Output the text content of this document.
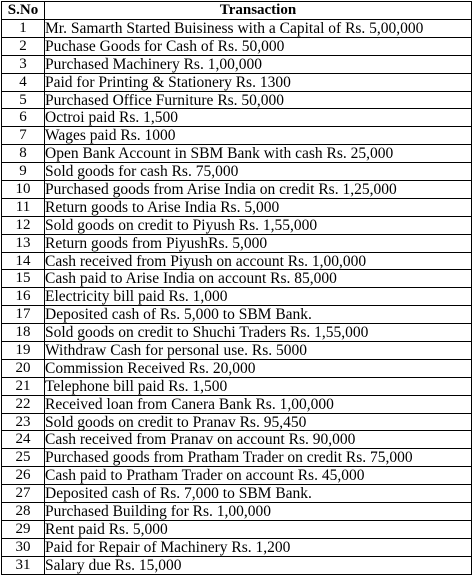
S.No	Transaction
1	Mr. Samarth Started Buisiness with a Capital of Rs. 5,00,000
2	Puchase Goods for Cash of Rs. 50,000
3	Purchased Machinery Rs. 1,00,000
4	Paid for Printing & Stationery Rs. 1300
5	Purchased Office Furniture Rs. 50,000
6	Octroi paid Rs. 1,500
7	Wages paid Rs. 1000
8	Open Bank Account in SBM Bank with cash Rs. 25,000
9	Sold goods for cash Rs. 75,000
10	Purchased goods from Arise India on credit Rs. 1,25,000
11	Return goods to Arise India Rs. 5,000
12	Sold goods on credit to Piyush Rs. 1,55,000
13	Return goods from PiyushRs. 5,000
14	Cash received from Piyush on account Rs. 1,00,000
15	Cash paid to Arise India on account Rs. 85,000
16	Electricity bill paid Rs. 1,000
17	Deposited cash of Rs. 5,000 to SBM Bank.
18	Sold goods on credit to Shuchi Traders Rs. 1,55,000
19	Withdraw Cash for personal use. Rs. 5000
20	Commission Received Rs. 20,000
21	Telephone bill paid Rs. 1,500
22	Received loan from Canera Bank Rs. 1,00,000
23	Sold goods on credit to Pranav Rs. 95,450
24	Cash received from Pranav on account Rs. 90,000
25	Purchased goods from Pratham Trader on credit Rs. 75,000
26	Cash paid to Pratham Trader on account Rs. 45,000
27	Deposited cash of Rs. 7,000 to SBM Bank.
28	Purchased Building for Rs. 1,00,000
29	Rent paid Rs. 5,000
30	Paid for Repair of Machinery Rs. 1,200
31	Salary due Rs. 15,000
